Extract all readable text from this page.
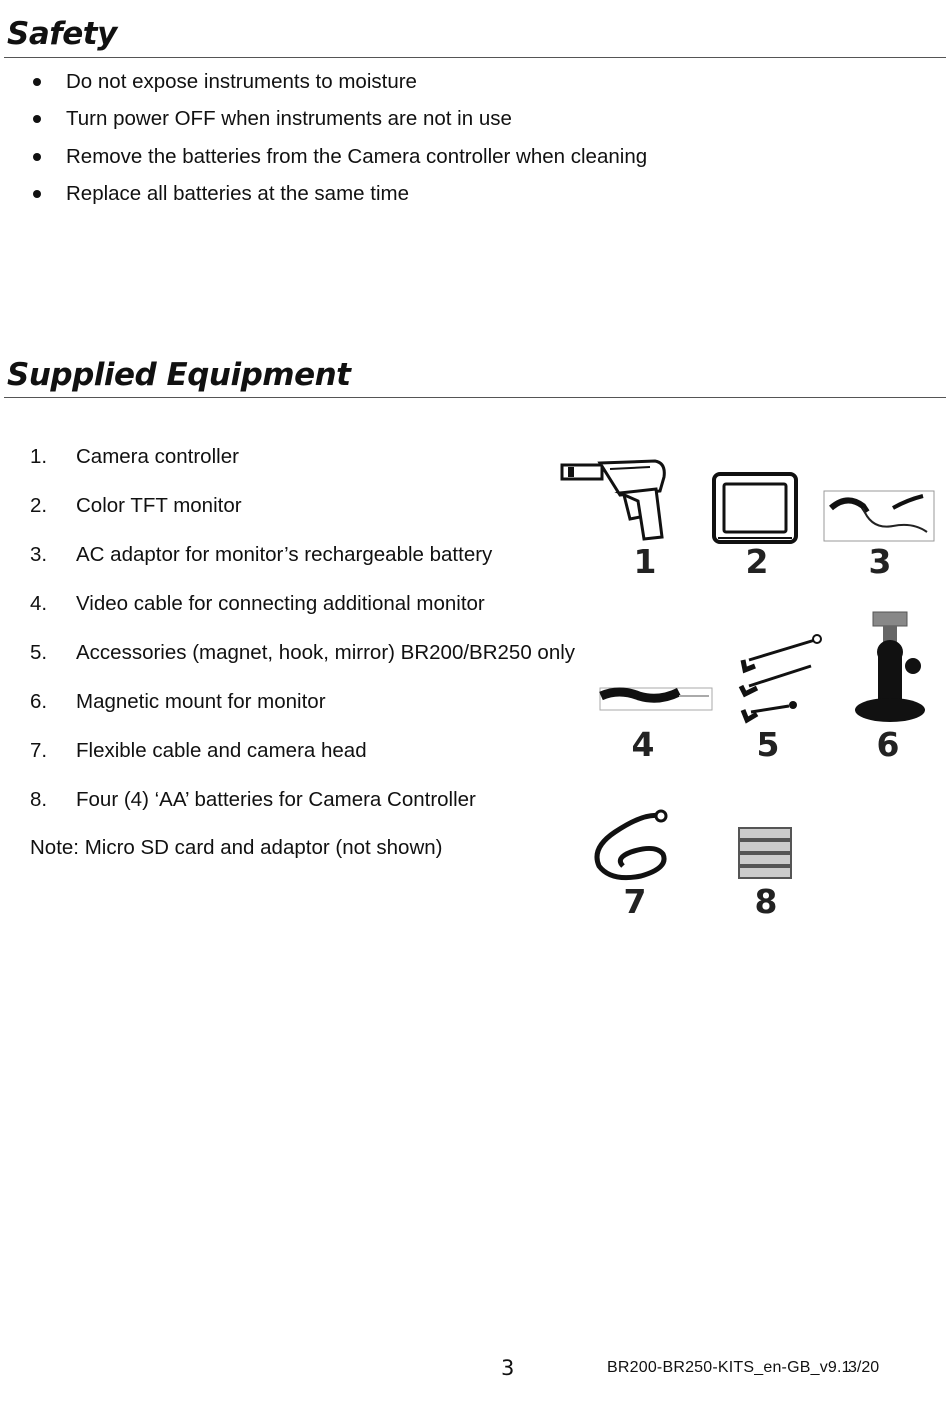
Safety
Do not expose instruments to moisture
Turn power OFF when instruments are not in use
Remove the batteries from the Camera controller when cleaning
Replace all batteries at the same time
Supplied Equipment
1. Camera controller
2. Color TFT monitor
3. AC adaptor for monitor’s rechargeable battery
4. Video cable for connecting additional monitor
5. Accessories (magnet, hook, mirror) BR200/BR250 only
6. Magnetic mount for monitor
7. Flexible cable and camera head
8. Four (4) ‘AA’ batteries for Camera Controller
Note: Micro SD card and adaptor (not shown)
1	2	3
4	5	6
7	8
3	BR200-BR250-KITS_en-GB_v9.1
3/20
